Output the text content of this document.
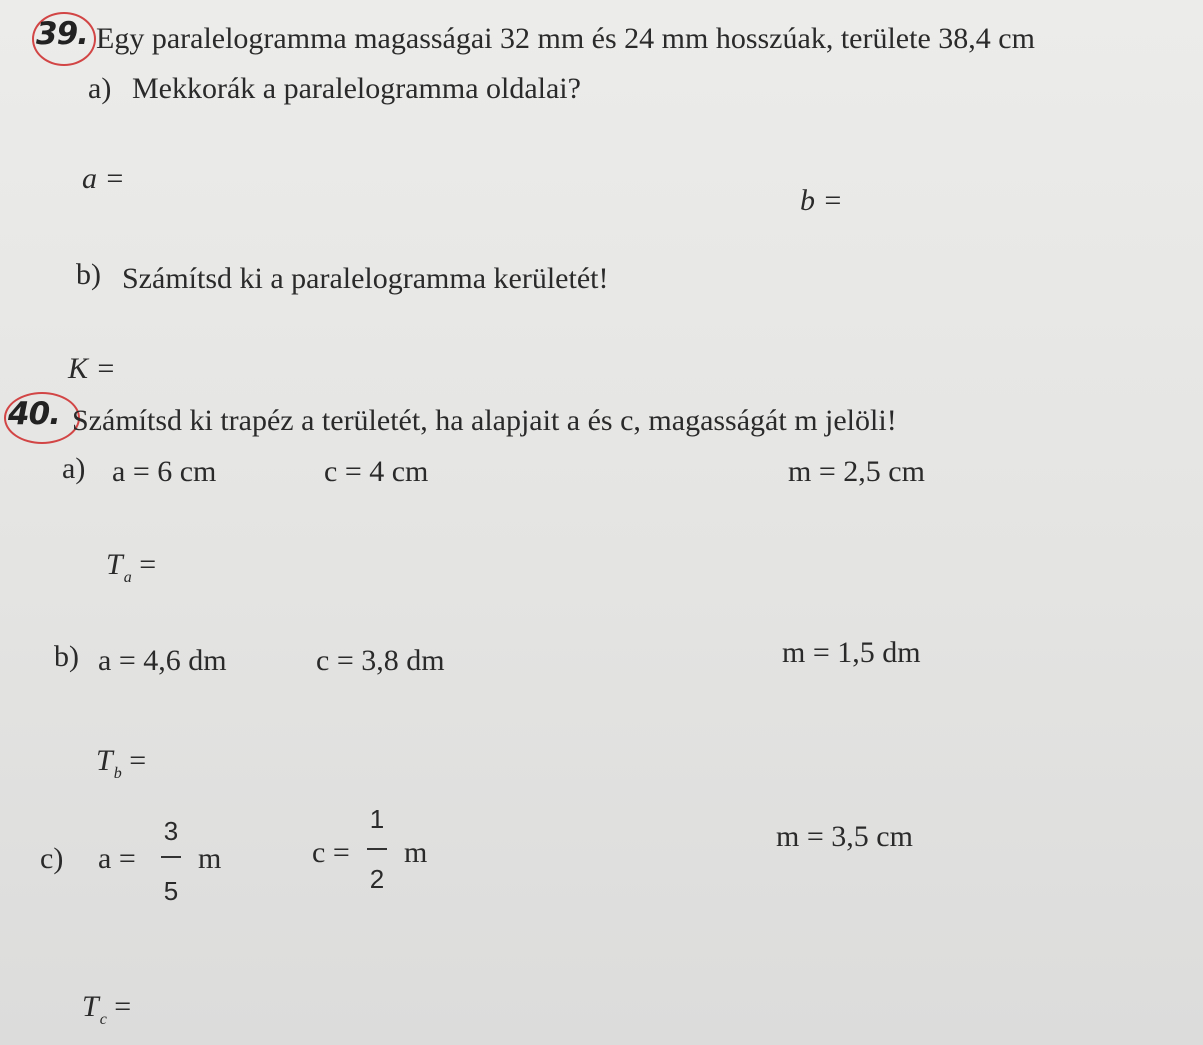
39. Egy paralelogramma magasságai 32 mm és 24 mm hosszúak, területe 38,4 cm
a) Mekkorák a paralelogramma oldalai?
a =
b =
b) Számítsd ki a paralelogramma kerületét!
K =
40. Számítsd ki trapéz a területét, ha alapjait a és c, magasságát m jelöli!
a) a = 6 cm	c = 4 cm	m = 2,5 cm
$T_a$ =
b) a = 4,6 dm	c = 3,8 dm	m = 1,5 dm
$T_b$ =
c) a =
3
5
m	c =
1
2
m	m = 3,5 cm
$T_c$ =
